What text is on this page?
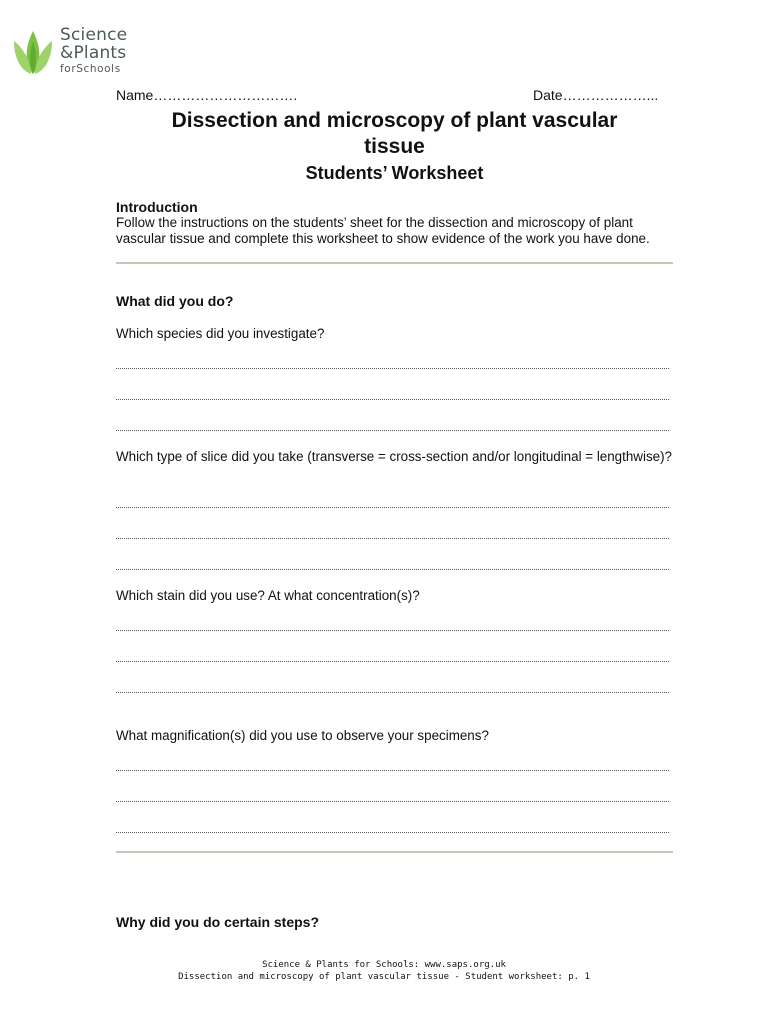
Science
&Plants
forSchools
Name………………………….	Date………………...
Dissection and microscopy of plant vascular
tissue
Students’ Worksheet
Introduction
Follow the instructions on the students’ sheet for the dissection and microscopy of plant vascular tissue and complete this worksheet to show evidence of the work you have done.
What did you do?
Which species did you investigate?
Which type of slice did you take (transverse = cross-section and/or longitudinal = lengthwise)?
Which stain did you use? At what concentration(s)?
What magnification(s) did you use to observe your specimens?
Why did you do certain steps?
Science & Plants for Schools: www.saps.org.uk
Dissection and microscopy of plant vascular tissue - Student worksheet: p. 1
